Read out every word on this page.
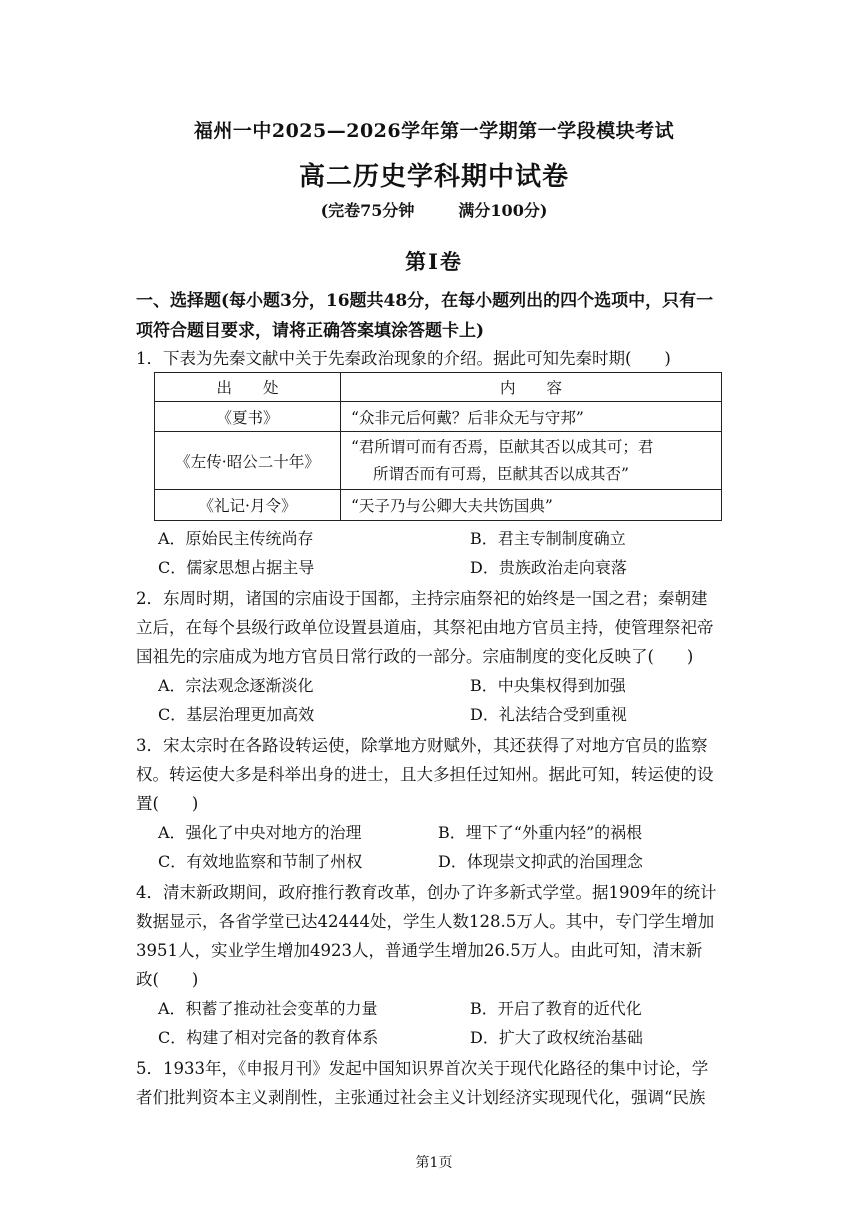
福州一中2025—2026学年第一学期第一学段模块考试
高二历史学科期中试卷
(完卷75分钟	满分100分)
第Ⅰ卷
一、选择题(每小题3分，16题共48分，在每小题列出的四个选项中，只有一
项符合题目要求，请将正确答案填涂答题卡上)
1．下表为先秦文献中关于先秦政治现象的介绍。据此可知先秦时期(　　)
出　　处	内　　容
《夏书》	“众非元后何戴？后非众无与守邦”
《左传·昭公二十年》	“君所谓可而有否焉，臣献其否以成其可；君
所谓否而有可焉，臣献其否以成其否”

《礼记·月令》	“天子乃与公卿大夫共饬国典”
A．原始民主传统尚存	B．君主专制制度确立
C．儒家思想占据主导	D．贵族政治走向衰落
2．东周时期，诸国的宗庙设于国都，主持宗庙祭祀的始终是一国之君；秦朝建
立后，在每个县级行政单位设置县道庙，其祭祀由地方官员主持，使管理祭祀帝
国祖先的宗庙成为地方官员日常行政的一部分。宗庙制度的变化反映了(　　)
A．宗法观念逐渐淡化	B．中央集权得到加强
C．基层治理更加高效	D．礼法结合受到重视
3．宋太宗时在各路设转运使，除掌地方财赋外，其还获得了对地方官员的监察
权。转运使大多是科举出身的进士，且大多担任过知州。据此可知，转运使的设
置(　　)
A．强化了中央对地方的治理	B．埋下了“外重内轻”的祸根
C．有效地监察和节制了州权	D．体现崇文抑武的治国理念
4．清末新政期间，政府推行教育改革，创办了许多新式学堂。据1909年的统计
数据显示，各省学堂已达42444处，学生人数128.5万人。其中，专门学生增加
3951人，实业学生增加4923人，普通学生增加26.5万人。由此可知，清末新
政(　　)
A．积蓄了推动社会变革的力量	B．开启了教育的近代化
C．构建了相对完备的教育体系	D．扩大了政权统治基础
5．1933年，《申报月刊》发起中国知识界首次关于现代化路径的集中讨论，学
者们批判资本主义剥削性，主张通过社会主义计划经济实现现代化，强调“民族
第1页
